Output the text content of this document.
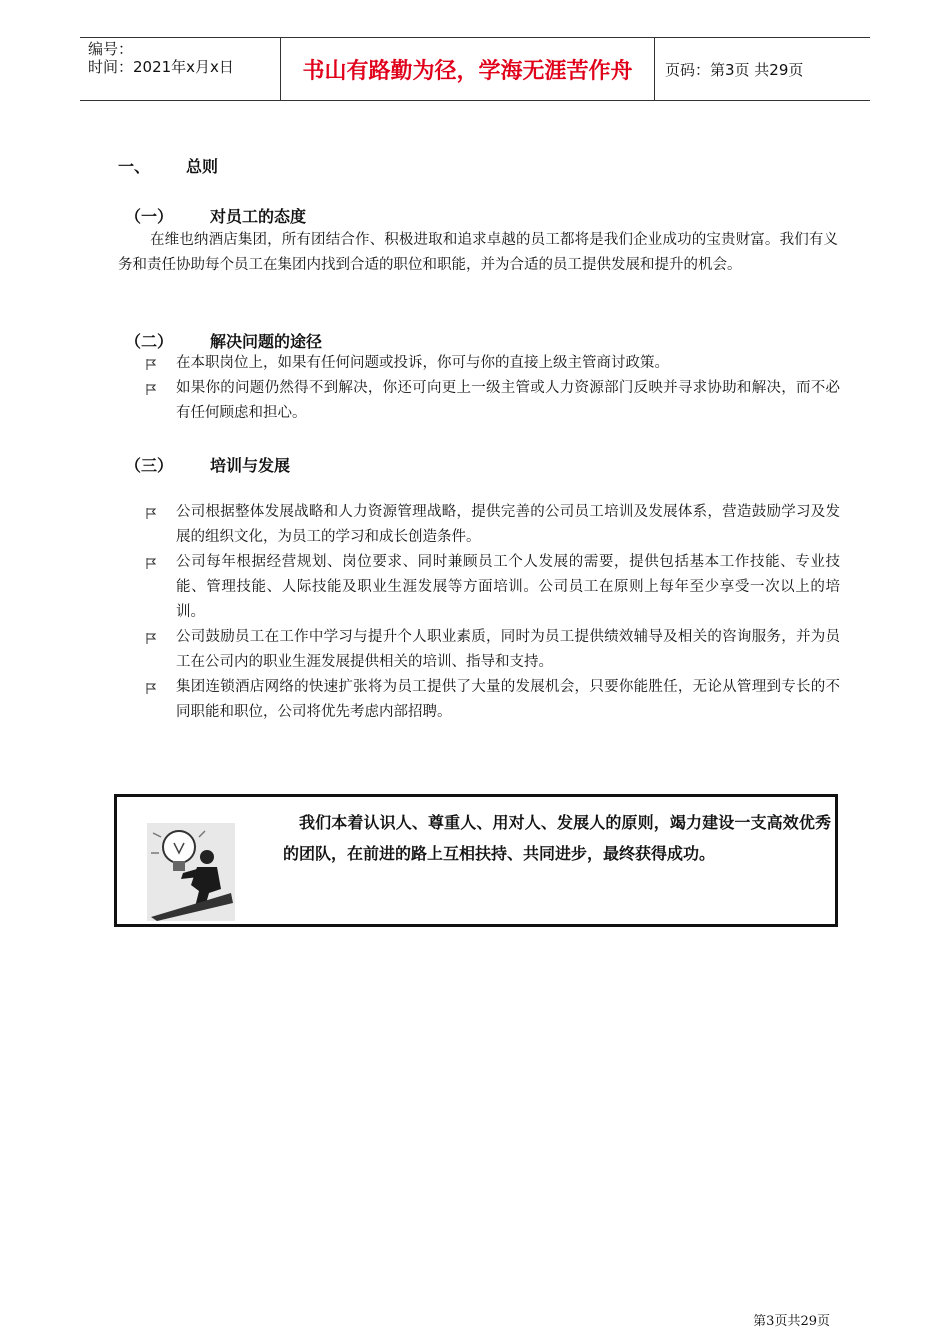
编号：
时间：2021年x月x日	书山有路勤为径，学海无涯苦作舟	页码：第3页 共29页
一、 总则
（一） 对员工的态度
在维也纳酒店集团，所有团结合作、积极进取和追求卓越的员工都将是我们企业成功的宝贵财富。我们有义务和责任协助每个员工在集团内找到合适的职位和职能，并为合适的员工提供发展和提升的机会。
（二） 解决问题的途径
在本职岗位上，如果有任何问题或投诉，你可与你的直接上级主管商讨政策。
如果你的问题仍然得不到解决，你还可向更上一级主管或人力资源部门反映并寻求协助和解决，而不必有任何顾虑和担心。
（三） 培训与发展
公司根据整体发展战略和人力资源管理战略，提供完善的公司员工培训及发展体系，营造鼓励学习及发展的组织文化，为员工的学习和成长创造条件。
公司每年根据经营规划、岗位要求、同时兼顾员工个人发展的需要，提供包括基本工作技能、专业技能、管理技能、人际技能及职业生涯发展等方面培训。公司员工在原则上每年至少享受一次以上的培训。
公司鼓励员工在工作中学习与提升个人职业素质，同时为员工提供绩效辅导及相关的咨询服务，并为员工在公司内的职业生涯发展提供相关的培训、指导和支持。
集团连锁酒店网络的快速扩张将为员工提供了大量的发展机会，只要你能胜任，无论从管理到专长的不同职能和职位，公司将优先考虑内部招聘。
我们本着认识人、尊重人、用对人、发展人的原则，竭力建设一支高效优秀的团队，在前进的路上互相扶持、共同进步，最终获得成功。
第3页共29页
